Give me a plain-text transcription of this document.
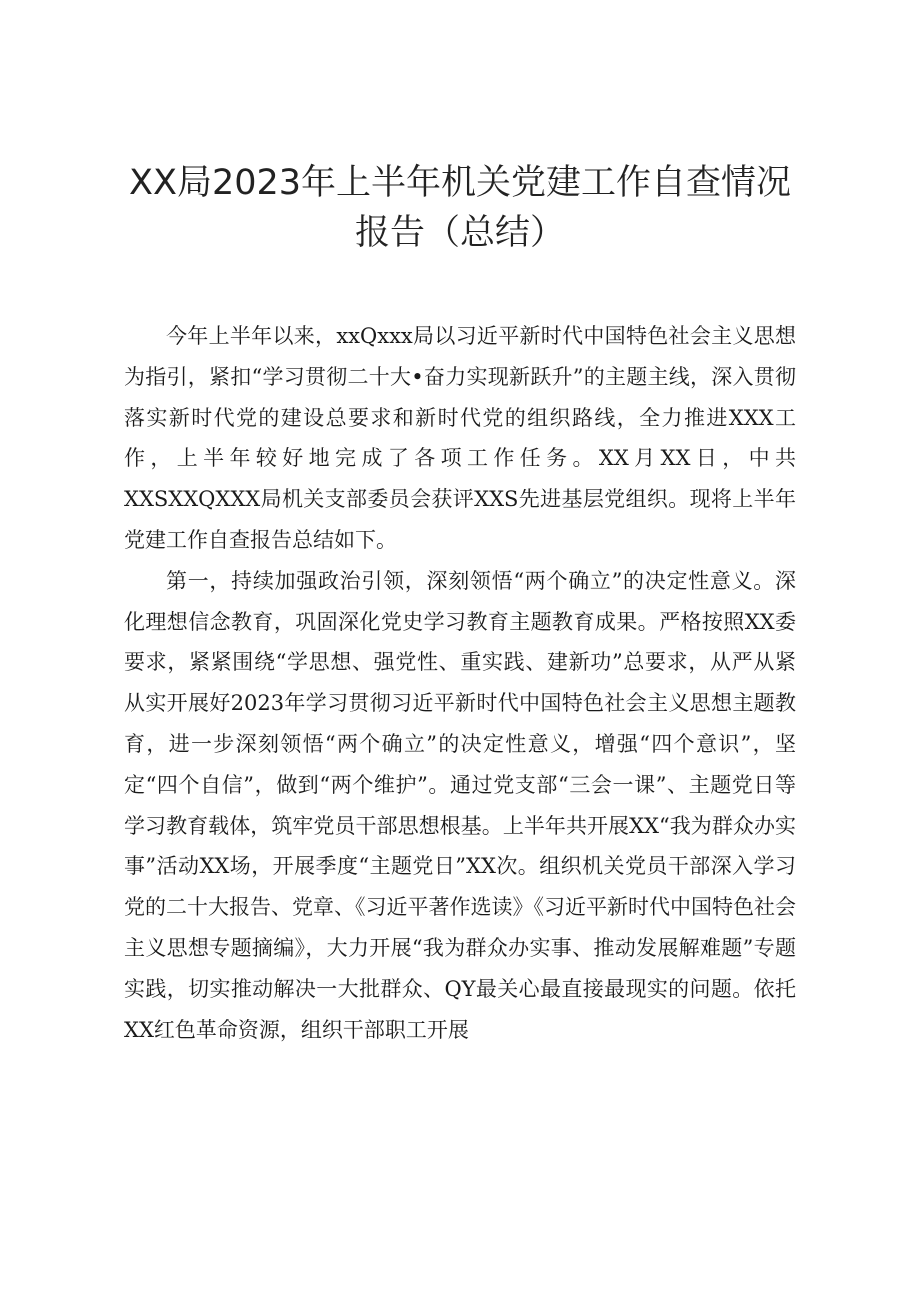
XX局2023年上半年机关党建工作自查情况
报告（总结）

今年上半年以来，xxQxxx局以习近平新时代中国特色社会主义思想为指引，紧扣“学习贯彻二十大•奋力实现新跃升”的主题主线，深入贯彻落实新时代党的建设总要求和新时代党的组织路线，全力推进XXX工作，上半年较好地完成了各项工作任务。XX月XX日，中共XXSXXQXXX局机关支部委员会获评XXS先进基层党组织。现将上半年党建工作自查报告总结如下。

第一，持续加强政治引领，深刻领悟“两个确立”的决定性意义。深化理想信念教育，巩固深化党史学习教育主题教育成果。严格按照XX委要求，紧紧围绕“学思想、强党性、重实践、建新功”总要求，从严从紧从实开展好2023年学习贯彻习近平新时代中国特色社会主义思想主题教育，进一步深刻领悟“两个确立”的决定性意义，增强“四个意识”，坚定“四个自信”，做到“两个维护”。通过党支部“三会一课”、主题党日等学习教育载体，筑牢党员干部思想根基。上半年共开展XX“我为群众办实事”活动XX场，开展季度“主题党日”XX次。组织机关党员干部深入学习党的二十大报告、党章、《习近平著作选读》《习近平新时代中国特色社会主义思想专题摘编》，大力开展“我为群众办实事、推动发展解难题”专题实践，切实推动解决一大批群众、QY最关心最直接最现实的问题。依托XX红色革命资源，组织干部职工开展
